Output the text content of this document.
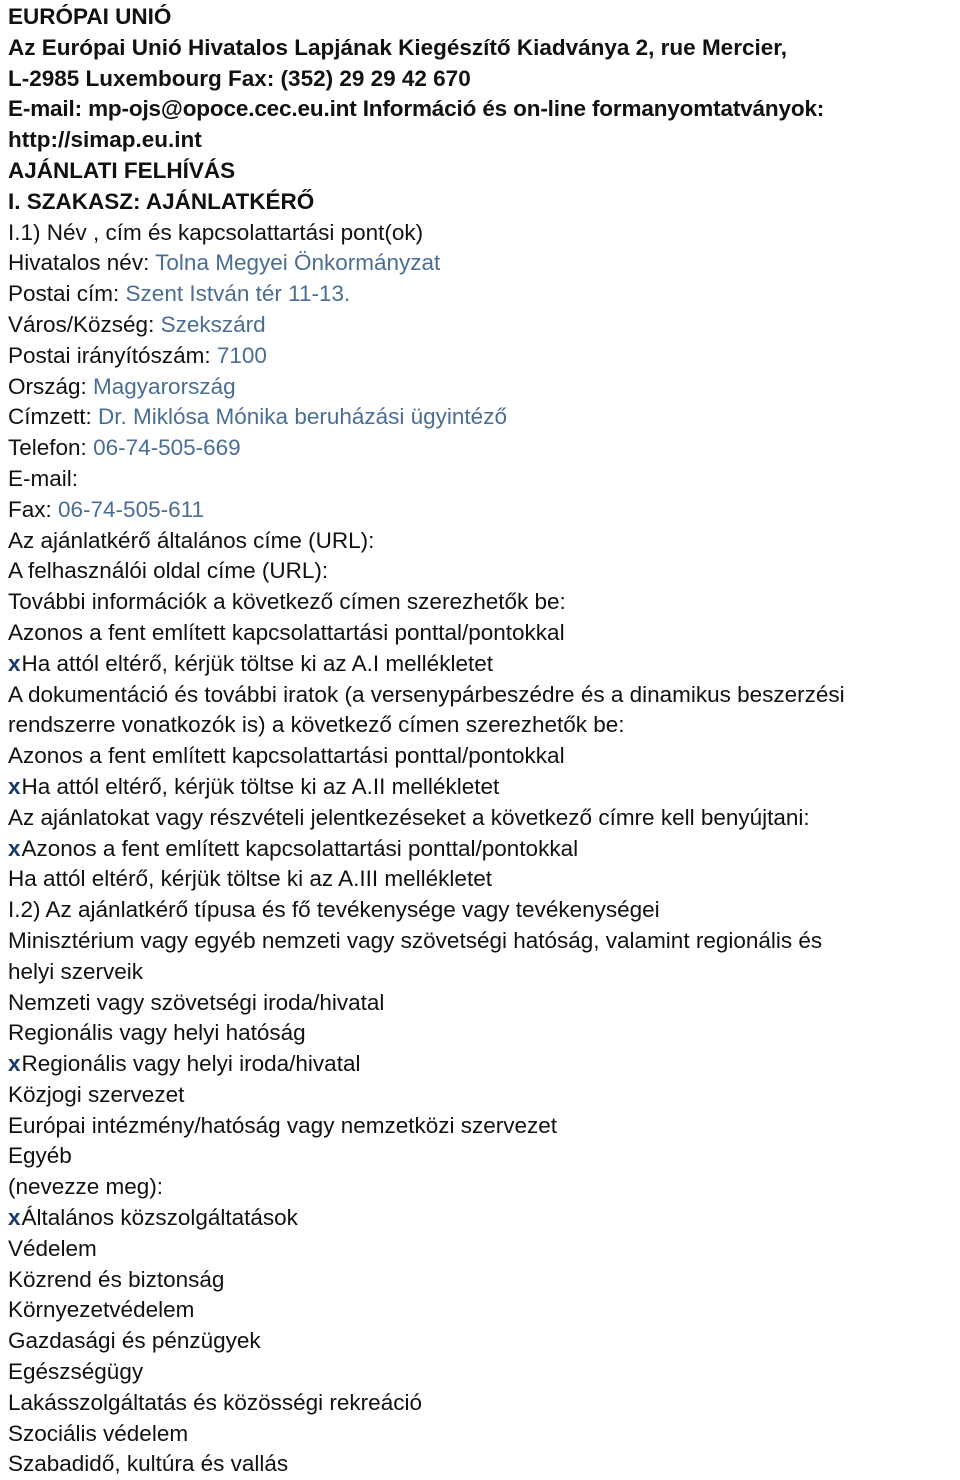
EURÓPAI UNIÓ
Az Európai Unió Hivatalos Lapjának Kiegészítő Kiadványa 2, rue Mercier,
L-2985 Luxembourg Fax: (352) 29 29 42 670
E-mail: mp-ojs@opoce.cec.eu.int Információ és on-line formanyomtatványok:
http://simap.eu.int
AJÁNLATI FELHÍVÁS
I. SZAKASZ: AJÁNLATKÉRŐ
I.1) Név , cím és kapcsolattartási pont(ok)
Hivatalos név: Tolna Megyei Önkormányzat
Postai cím: Szent István tér 11-13.
Város/Község: Szekszárd
Postai irányítószám: 7100
Ország: Magyarország
Címzett: Dr. Miklósa Mónika beruházási ügyintéző
Telefon: 06-74-505-669
E-mail:
Fax: 06-74-505-611
Az ajánlatkérő általános címe (URL):
A felhasználói oldal címe (URL):
További információk a következő címen szerezhetők be:
Azonos a fent említett kapcsolattartási ponttal/pontokkal
xHa attól eltérő, kérjük töltse ki az A.I mellékletet
A dokumentáció és további iratok (a versenypárbeszédre és a dinamikus beszerzési
rendszerre vonatkozók is) a következő címen szerezhetők be:
Azonos a fent említett kapcsolattartási ponttal/pontokkal
xHa attól eltérő, kérjük töltse ki az A.II mellékletet
Az ajánlatokat vagy részvételi jelentkezéseket a következő címre kell benyújtani:
xAzonos a fent említett kapcsolattartási ponttal/pontokkal
Ha attól eltérő, kérjük töltse ki az A.III mellékletet
I.2) Az ajánlatkérő típusa és fő tevékenysége vagy tevékenységei
Minisztérium vagy egyéb nemzeti vagy szövetségi hatóság, valamint regionális és
helyi szerveik
Nemzeti vagy szövetségi iroda/hivatal
Regionális vagy helyi hatóság
xRegionális vagy helyi iroda/hivatal
Közjogi szervezet
Európai intézmény/hatóság vagy nemzetközi szervezet
Egyéb
(nevezze meg):
xÁltalános közszolgáltatások
Védelem
Közrend és biztonság
Környezetvédelem
Gazdasági és pénzügyek
Egészségügy
Lakásszolgáltatás és közösségi rekreáció
Szociális védelem
Szabadidő, kultúra és vallás
